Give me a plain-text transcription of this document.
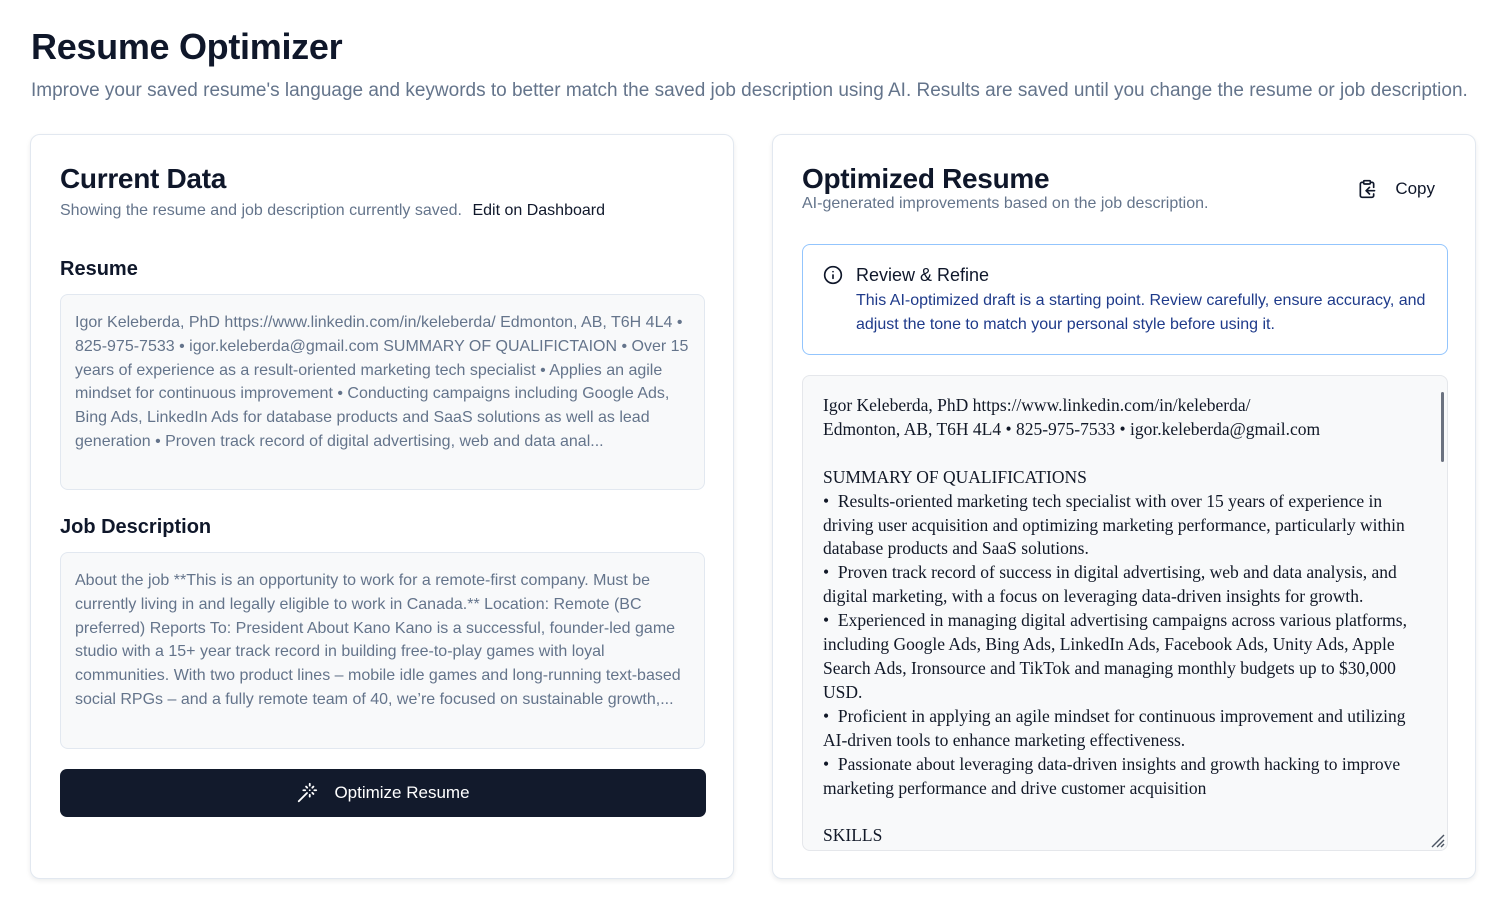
Resume Optimizer

Improve your saved resume's language and keywords to better match the saved job description using AI. Results are saved until you change the resume or job description.

Current Data

Showing the resume and job description currently saved. Edit on Dashboard

Resume
Igor Keleberda, PhD https://www.linkedin.com/in/keleberda/ Edmonton, AB, T6H 4L4 • 825-975-7533 • igor.keleberda@gmail.com SUMMARY OF QUALIFICTAION • Over 15 years of experience as a result-oriented marketing tech specialist • Applies an agile mindset for continuous improvement • Conducting campaigns including Google Ads, Bing Ads, LinkedIn Ads for database products and SaaS solutions as well as lead generation • Proven track record of digital advertising, web and data anal...
Job Description
About the job **This is an opportunity to work for a remote-first company. Must be currently living in and legally eligible to work in Canada.** Location: Remote (BC preferred) Reports To: President About Kano Kano is a successful, founder-led game studio with a 15+ year track record in building free-to-play games with loyal communities. With two product lines – mobile idle games and long-running text-based social RPGs – and a fully remote team of 40, we’re focused on sustainable growth,...
Optimize Resume
Optimized Resume

AI-generated improvements based on the job description.

Copy
Review & Refine
This AI-optimized draft is a starting point. Review carefully, ensure accuracy, and adjust the tone to match your personal style before using it.
Igor Keleberda, PhD https://www.linkedin.com/in/keleberda/
Edmonton, AB, T6H 4L4 • 825-975-7533 • igor.keleberda@gmail.com

SUMMARY OF QUALIFICATIONS
•  Results-oriented marketing tech specialist with over 15 years of experience in driving user acquisition and optimizing marketing performance, particularly within database products and SaaS solutions.
•  Proven track record of success in digital advertising, web and data analysis, and digital marketing, with a focus on leveraging data-driven insights for growth.
•  Experienced in managing digital advertising campaigns across various platforms, including Google Ads, Bing Ads, LinkedIn Ads, Facebook Ads, Unity Ads, Apple Search Ads, Ironsource and TikTok and managing monthly budgets up to $30,000 USD.
•  Proficient in applying an agile mindset for continuous improvement and utilizing AI-driven tools to enhance marketing effectiveness.
•  Passionate about leveraging data-driven insights and growth hacking to improve marketing performance and drive customer acquisition

SKILLS
